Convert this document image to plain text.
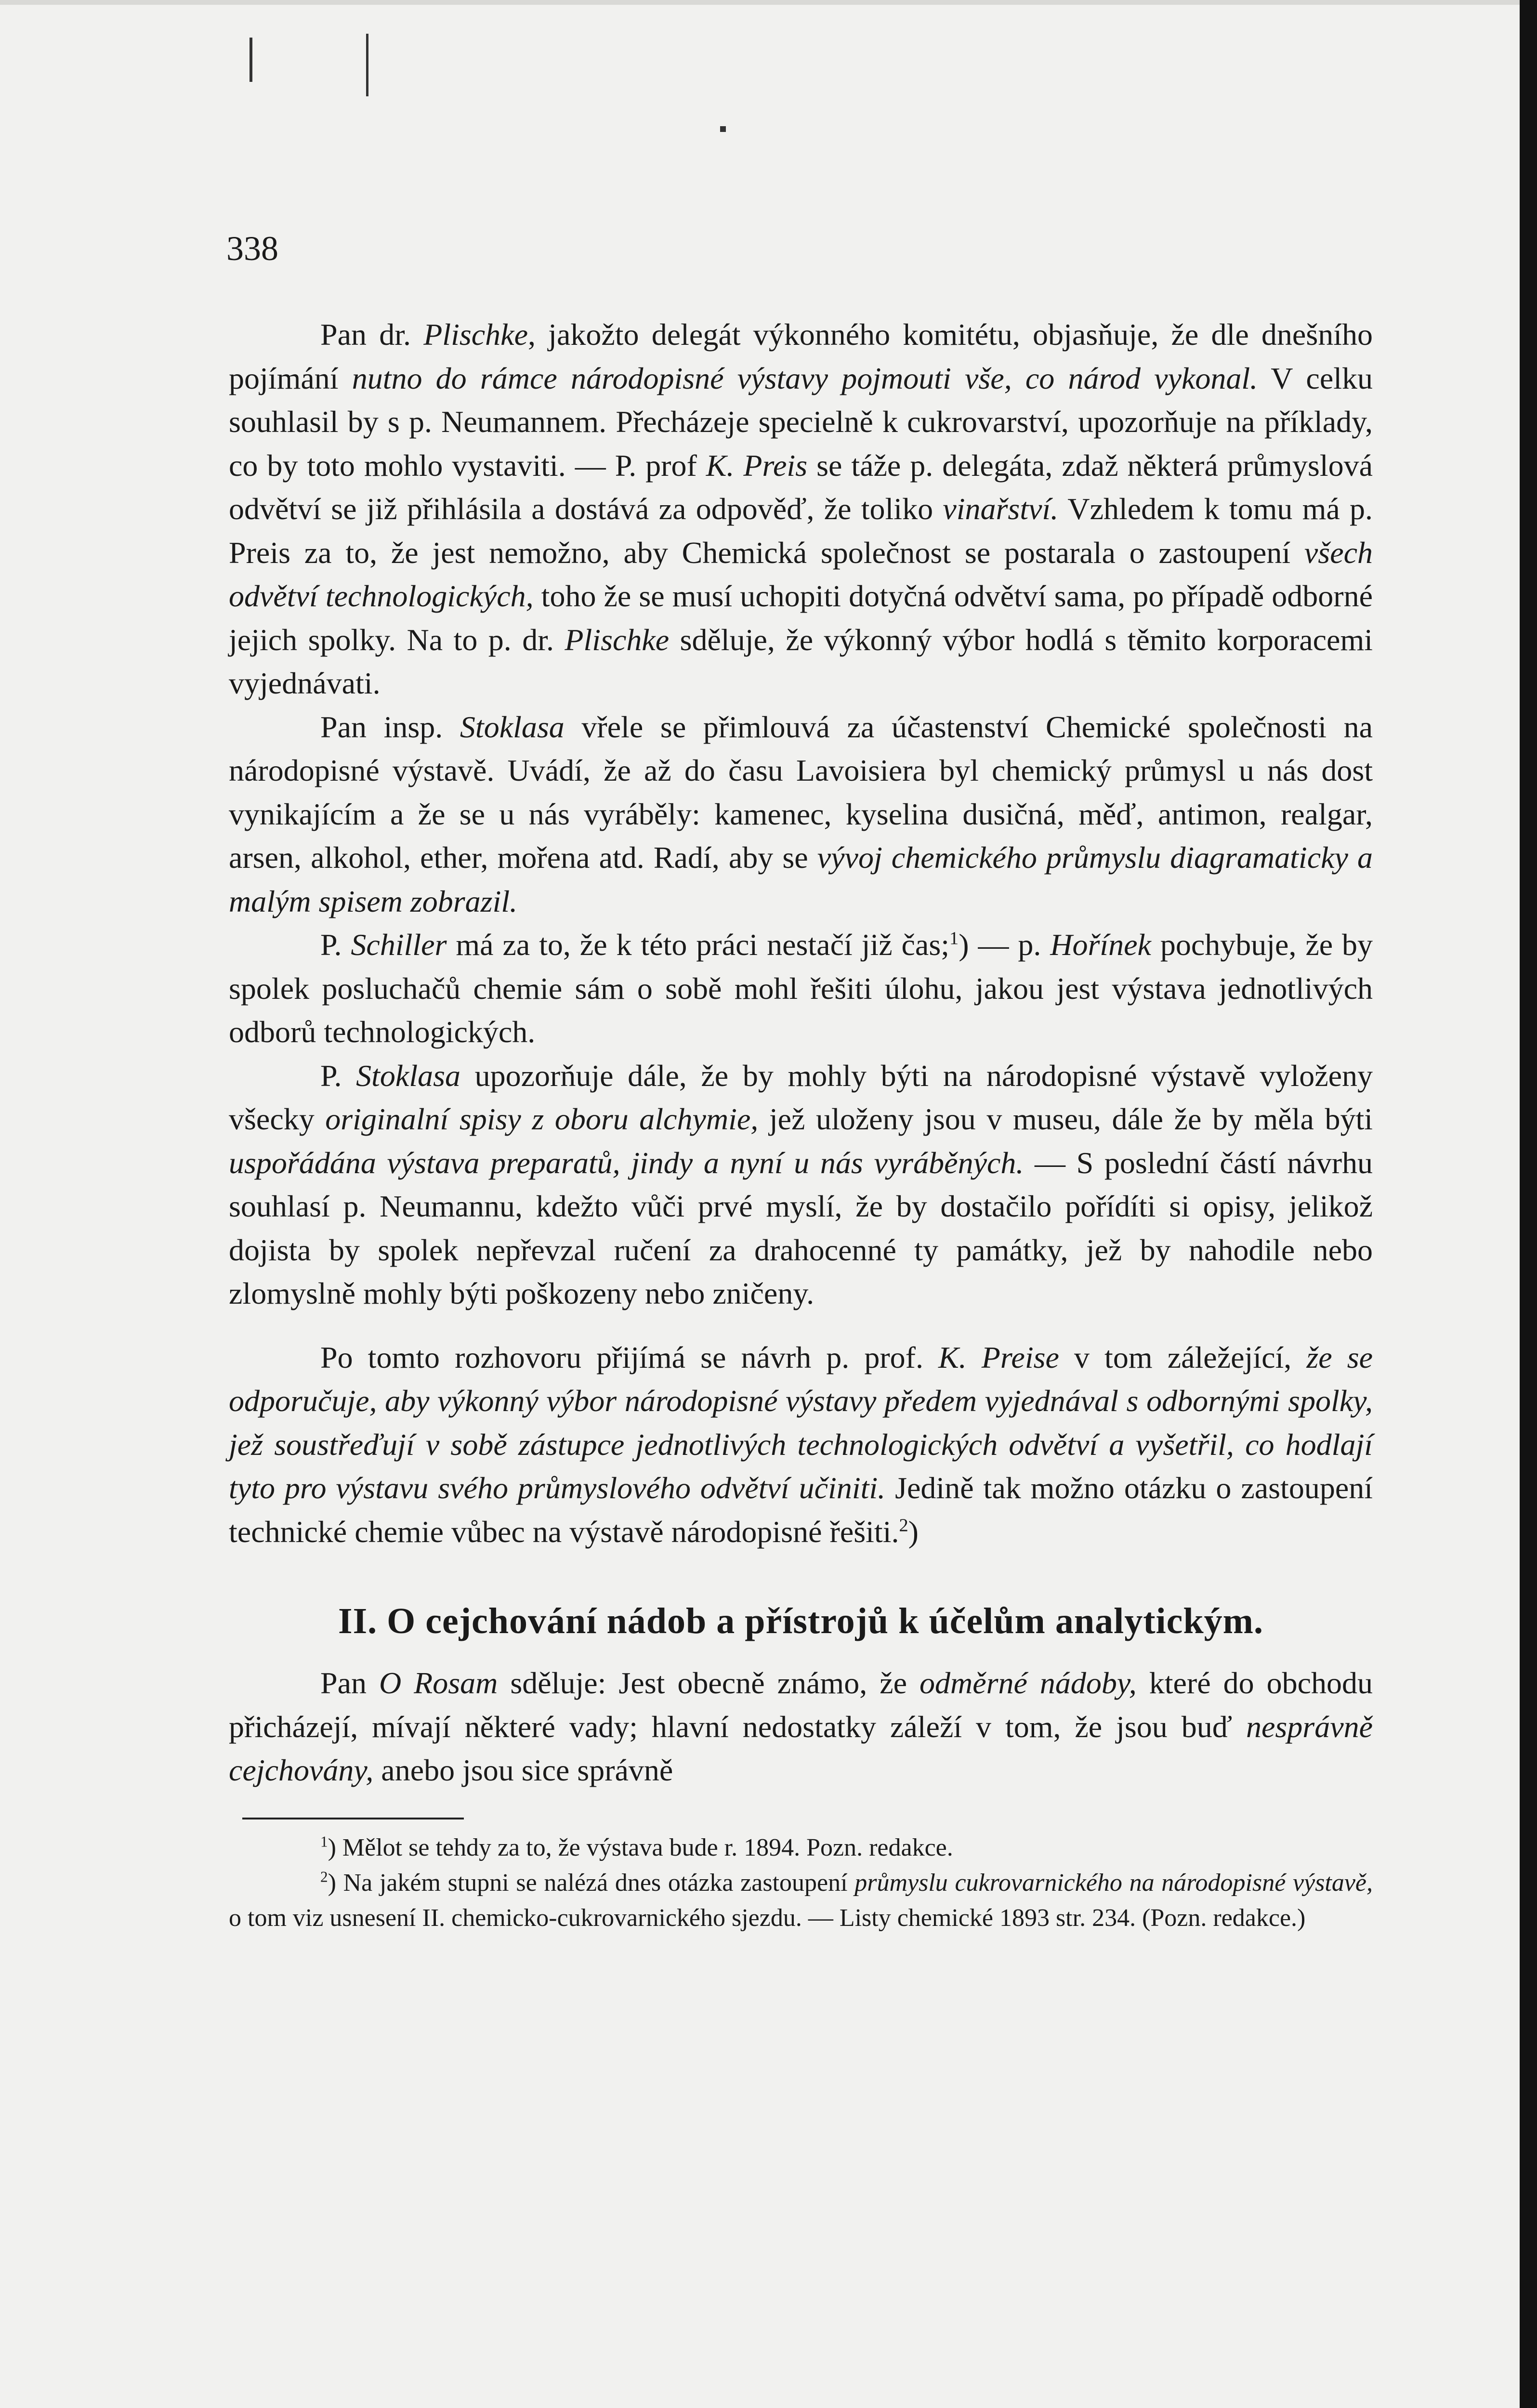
338

Pan dr. Plischke, jakožto delegát výkonného komitétu, objasňuje, že dle dnešního pojímání nutno do rámce národopisné výstavy pojmouti vše, co národ vykonal. V celku souhlasil by s p. Neumannem. Přecházeje specielně k cukrovarství, upozorňuje na příklady, co by toto mohlo vystaviti. — P. prof K. Preis se táže p. delegáta, zdaž některá průmyslová odvětví se již přihlásila a dostává za odpověď, že toliko vinařství. Vzhledem k tomu má p. Preis za to, že jest nemožno, aby Chemická společnost se postarala o zastoupení všech odvětví technologických, toho že se musí uchopiti dotyčná odvětví sama, po případě odborné jejich spolky. Na to p. dr. Plischke sděluje, že výkonný výbor hodlá s těmito korporacemi vyjednávati.

Pan insp. Stoklasa vřele se přimlouvá za účastenství Chemické společnosti na národopisné výstavě. Uvádí, že až do času Lavoisiera byl chemický průmysl u nás dost vynikajícím a že se u nás vyráběly: kamenec, kyselina dusičná, měď, antimon, realgar, arsen, alkohol, ether, mořena atd. Radí, aby se vývoj chemického průmyslu diagramaticky a malým spisem zobrazil.

P. Schiller má za to, že k této práci nestačí již čas;$^1$) — p. Hořínek pochybuje, že by spolek posluchačů chemie sám o sobě mohl řešiti úlohu, jakou jest výstava jednotlivých odborů technologických.

P. Stoklasa upozorňuje dále, že by mohly býti na národopisné výstavě vyloženy všecky originalní spisy z oboru alchymie, jež uloženy jsou v museu, dále že by měla býti uspořádána výstava preparatů, jindy a nyní u nás vyráběných. — S poslední částí návrhu souhlasí p. Neumannu, kdežto vůči prvé myslí, že by dostačilo pořídíti si opisy, jelikož dojista by spolek nepřevzal ručení za drahocenné ty památky, jež by nahodile nebo zlomyslně mohly býti poškozeny nebo zničeny.

Po tomto rozhovoru přijímá se návrh p. prof. K. Preise v tom záležející, že se odporučuje, aby výkonný výbor národopisné výstavy předem vyjednával s odbornými spolky, jež soustřeďují v sobě zástupce jednotlivých technologických odvětví a vyšetřil, co hodlají tyto pro výstavu svého průmyslového odvětví učiniti. Jedině tak možno otázku o zastoupení technické chemie vůbec na výstavě národopisné řešiti.$^2$)

II. O cejchování nádob a přístrojů k účelům analytickým.

Pan O Rosam sděluje: Jest obecně známo, že odměrné nádoby, které do obchodu přicházejí, mívají některé vady; hlavní nedostatky záleží v tom, že jsou buď nesprávně cejchovány, anebo jsou sice správně

$^1$) Mělot se tehdy za to, že výstava bude r. 1894. Pozn. redakce.

$^2$) Na jakém stupni se nalézá dnes otázka zastoupení průmyslu cukrovarnického na národopisné výstavě, o tom viz usnesení II. chemicko-cukrovarnického sjezdu. — Listy chemické 1893 str. 234. (Pozn. redakce.)
